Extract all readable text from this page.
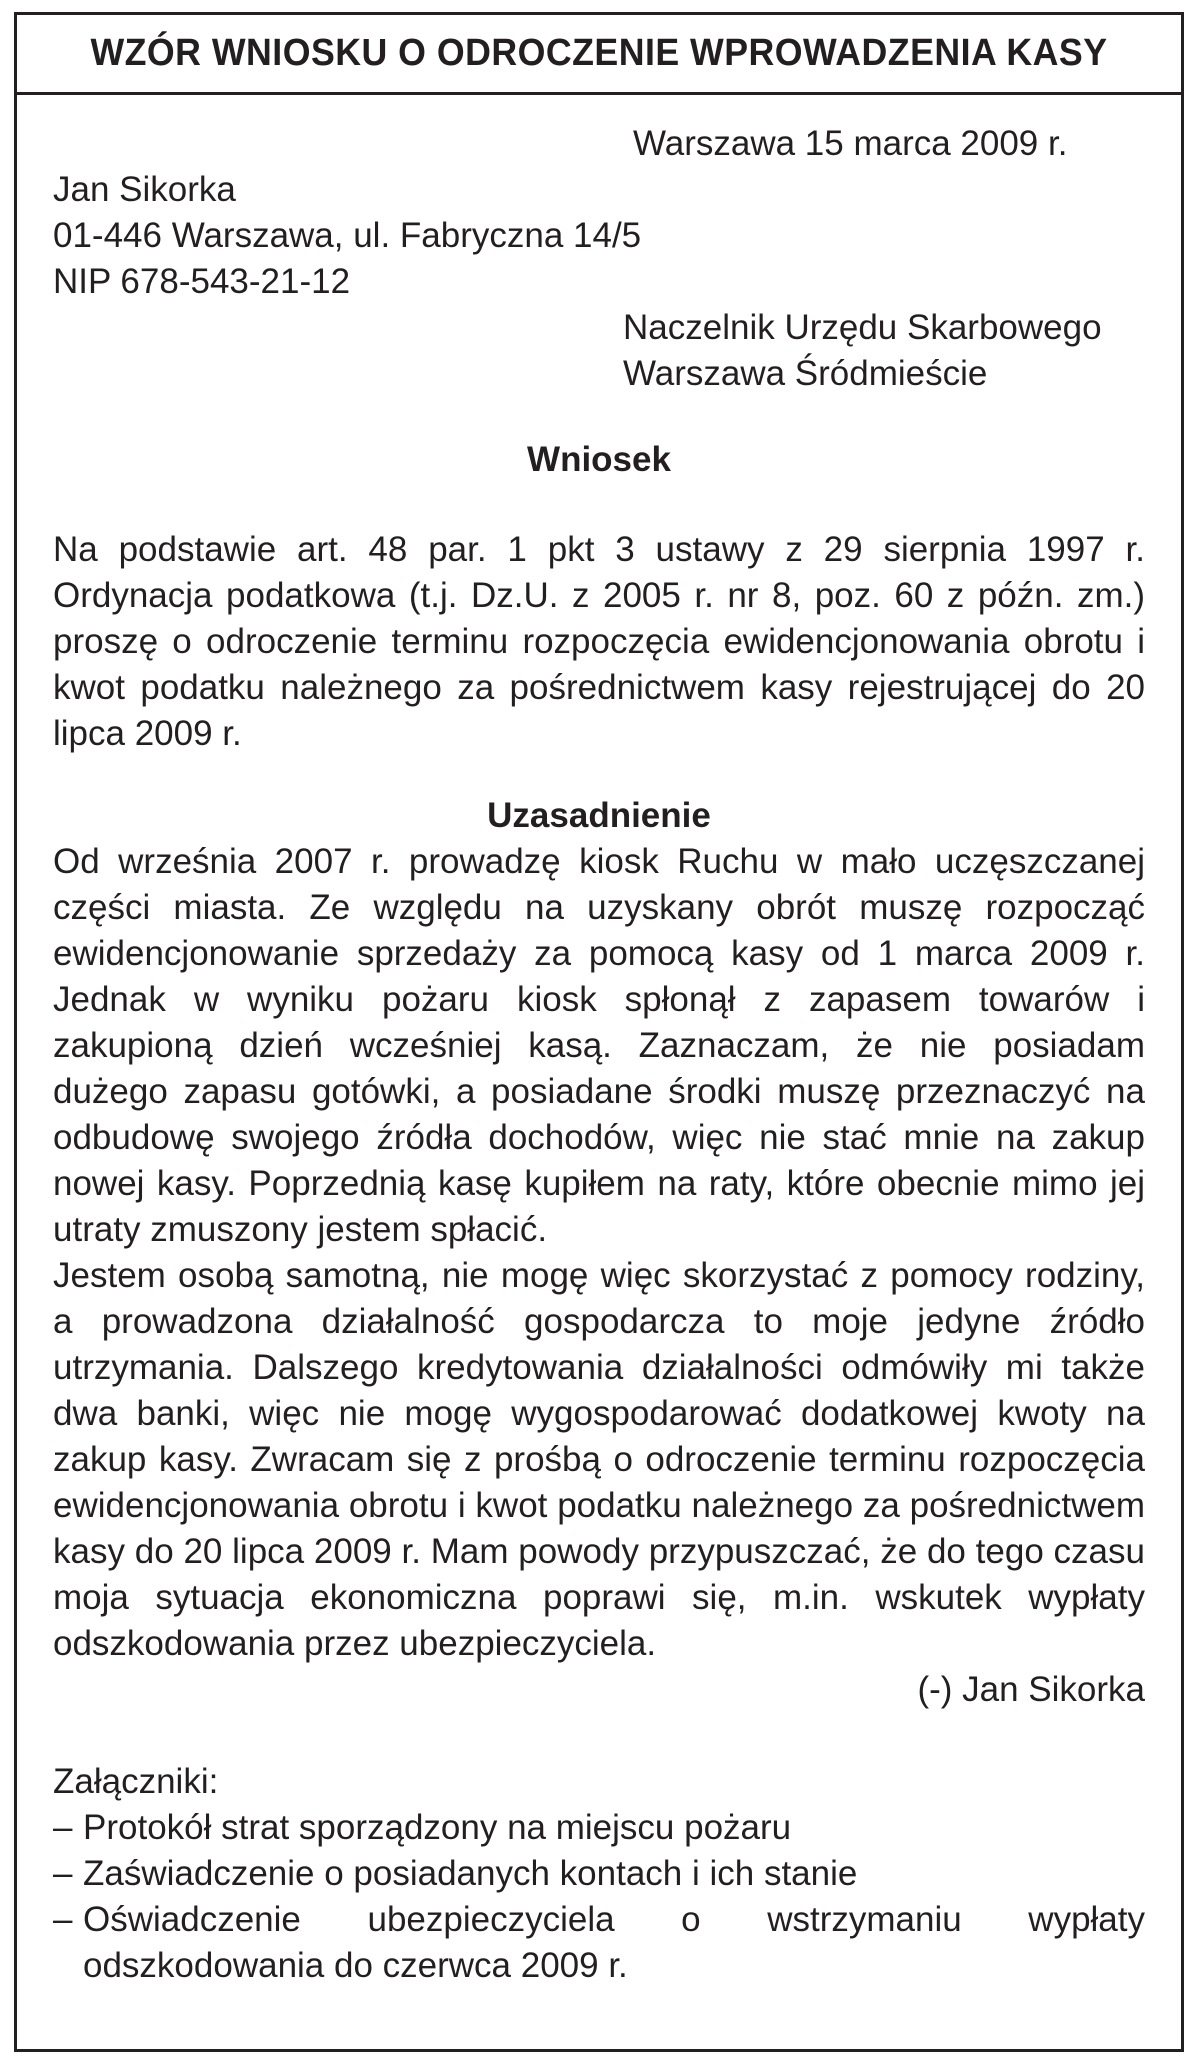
WZÓR WNIOSKU O ODROCZENIE WPROWADZENIA KASY
Warszawa 15 marca 2009 r.
Jan Sikorka
01-446 Warszawa, ul. Fabryczna 14/5
NIP 678-543-21-12
Naczelnik Urzędu Skarbowego
Warszawa Śródmieście
Wniosek
Na podstawie art. 48 par. 1 pkt 3 ustawy z 29 sierpnia 1997 r. Ordynacja podatkowa (t.j. Dz.U. z 2005 r. nr 8, poz. 60 z późn. zm.) proszę o odroczenie terminu rozpoczęcia ewidencjonowania obrotu i kwot podatku należnego za pośrednictwem kasy rejestrującej do 20 lipca 2009 r.
Uzasadnienie
Od września 2007 r. prowadzę kiosk Ruchu w mało uczęszczanej części miasta. Ze względu na uzyskany obrót muszę rozpocząć ewidencjonowanie sprzedaży za pomocą kasy od 1 marca 2009 r. Jednak w wyniku pożaru kiosk spłonął z zapasem towarów i zakupioną dzień wcześniej kasą. Zaznaczam, że nie posiadam dużego zapasu gotówki, a posiadane środki muszę przeznaczyć na odbudowę swojego źródła dochodów, więc nie stać mnie na zakup nowej kasy. Poprzednią kasę kupiłem na raty, które obecnie mimo jej utraty zmuszony jestem spłacić.
Jestem osobą samotną, nie mogę więc skorzystać z pomocy rodziny, a prowadzona działalność gospodarcza to moje jedyne źródło utrzymania. Dalszego kredytowania działalności odmówiły mi także dwa banki, więc nie mogę wygospodarować dodatkowej kwoty na zakup kasy. Zwracam się z prośbą o odroczenie terminu rozpoczęcia ewidencjonowania obrotu i kwot podatku należnego za pośrednictwem kasy do 20 lipca 2009 r. Mam powody przypuszczać, że do tego czasu moja sytuacja ekonomiczna poprawi się, m.in. wskutek wypłaty odszkodowania przez ubezpieczyciela.
(-) Jan Sikorka
Załączniki:
– Protokół strat sporządzony na miejscu pożaru
– Zaświadczenie o posiadanych kontach i ich stanie
– Oświadczenie ubezpieczyciela o wstrzymaniu wypłaty odszkodowania do czerwca 2009 r.
